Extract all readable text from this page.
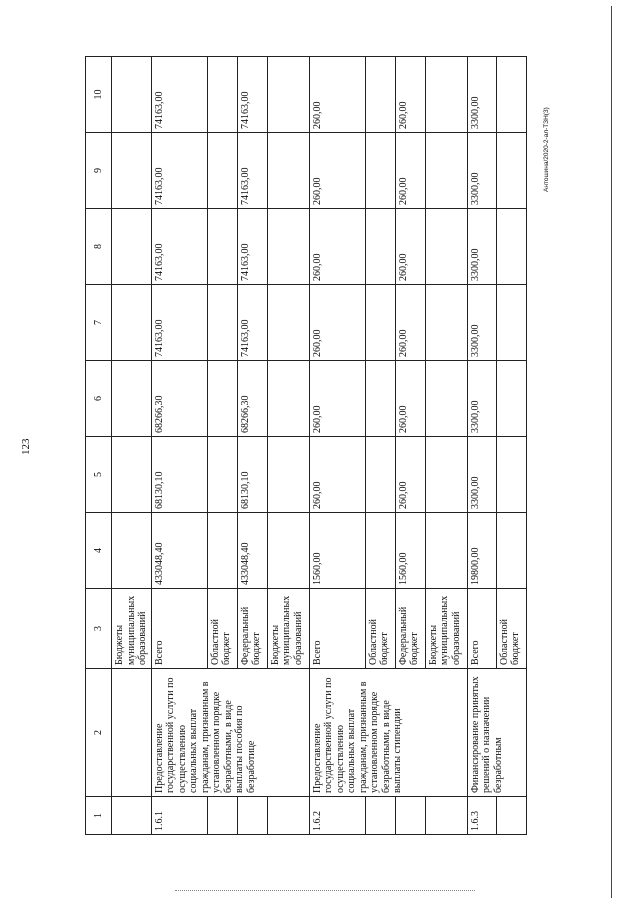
123
Антошина/2020-2-ал-ТЗН(3)
1	2	3	4	5	6	7	8	9	10
		Бюджеты муниципальных образований							
1.6.1	Предоставление государственной услуги по осуществлению социальных выплат гражданам, признанным в установленном порядке безработными, в виде выплаты пособия по безработице	Всего	433048,40	68130,10	68266,30	74163,00	74163,00	74163,00	74163,00
		Областной бюджет							
		Федеральный бюджет	433048,40	68130,10	68266,30	74163,00	74163,00	74163,00	74163,00
		Бюджеты муниципальных образований							
1.6.2	Предоставление государственной услуги по осуществлению социальных выплат гражданам, признанным в установленном порядке безработными, в виде выплаты стипендии	Всего	1560,00	260,00	260,00	260,00	260,00	260,00	260,00
		Областной бюджет							
		Федеральный бюджет	1560,00	260,00	260,00	260,00	260,00	260,00	260,00
		Бюджеты муниципальных образований							
1.6.3	Финансирование принятых решений о назначении безработным	Всего	19800,00	3300,00	3300,00	3300,00	3300,00	3300,00	3300,00
		Областной бюджет							
